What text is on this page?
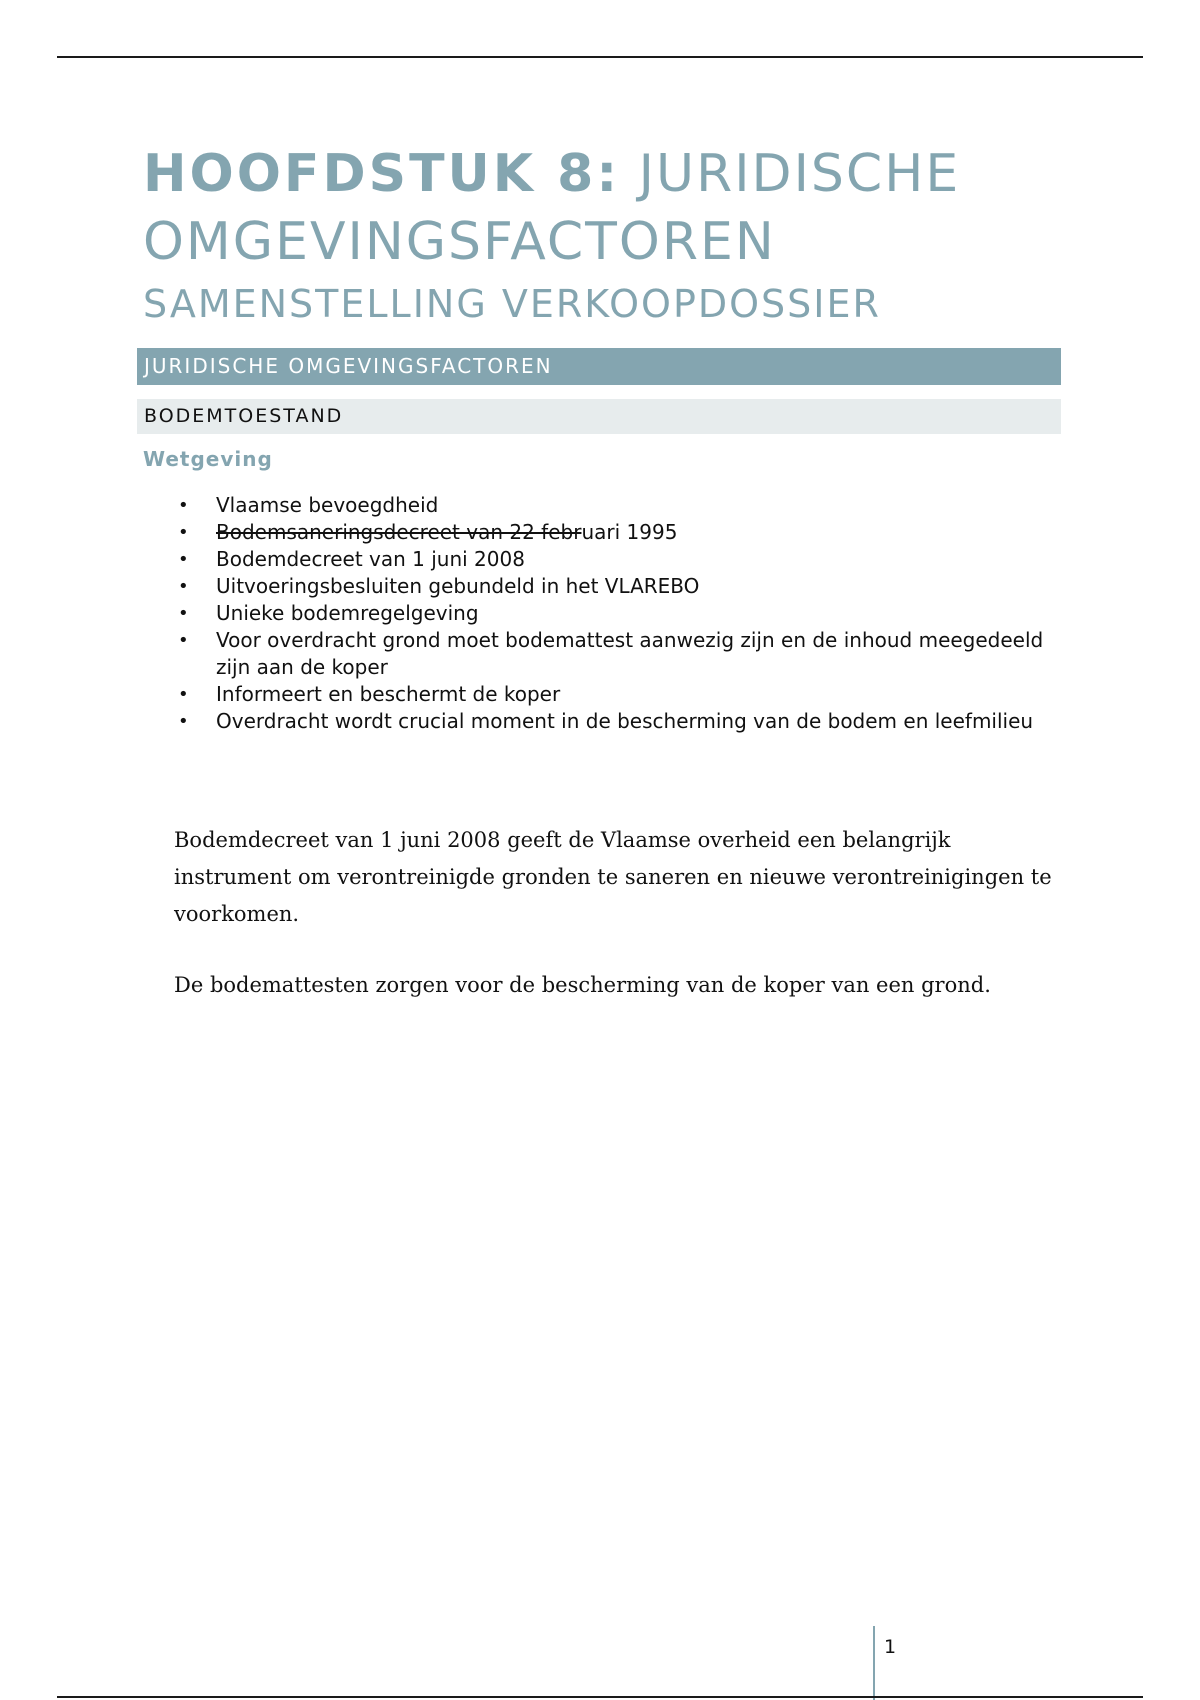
HOOFDSTUK 8: JURIDISCHE
OMGEVINGSFACTOREN
SAMENSTELLING VERKOOPDOSSIER
JURIDISCHE OMGEVINGSFACTOREN
BODEMTOESTAND
Wetgeving
• Vlaamse bevoegdheid
• Bodemsaneringsdecreet van 22 februari 1995
• Bodemdecreet van 1 juni 2008
• Uitvoeringsbesluiten gebundeld in het VLAREBO
• Unieke bodemregelgeving
• Voor overdracht grond moet bodemattest aanwezig zijn en de inhoud meegedeeld zijn aan de koper
• Informeert en beschermt de koper
• Overdracht wordt crucial moment in de bescherming van de bodem en leefmilieu

Bodemdecreet van 1 juni 2008 geeft de Vlaamse overheid een belangrijk instrument om verontreinigde gronden te saneren en nieuwe verontreinigingen te voorkomen.

De bodemattesten zorgen voor de bescherming van de koper van een grond.

1
